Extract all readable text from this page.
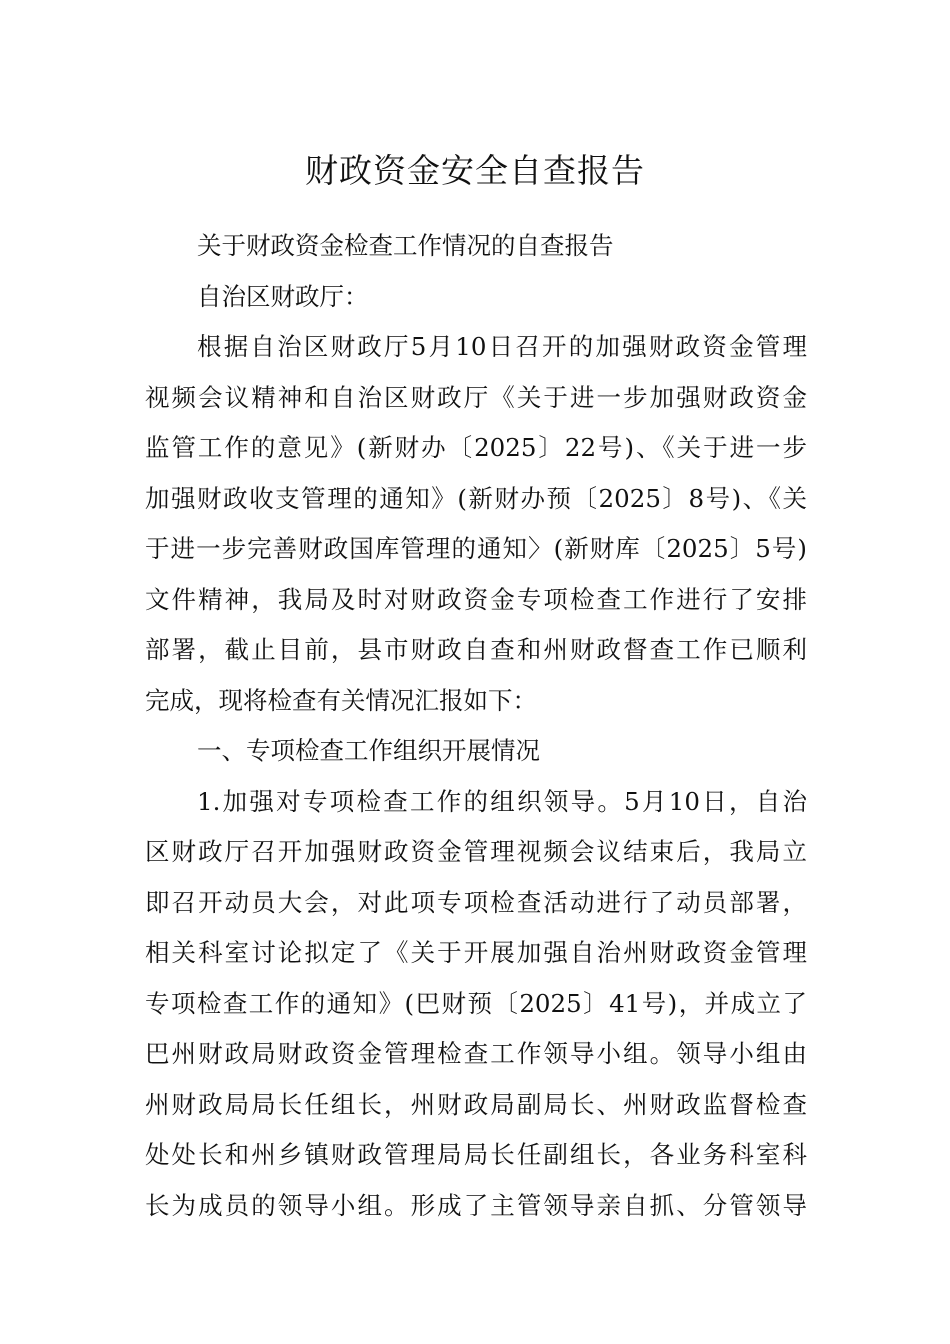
财政资金安全自查报告
关于财政资金检查工作情况的自查报告
自治区财政厅：
根据自治区财政厅5月10日召开的加强财政资金管理
视频会议精神和自治区财政厅《关于进一步加强财政资金
监管工作的意见》(新财办〔2025〕22号)、《关于进一步
加强财政收支管理的通知》(新财办预〔2025〕8号)、《关
于进一步完善财政国库管理的通知〉(新财库〔2025〕5号)
文件精神，我局及时对财政资金专项检查工作进行了安排
部署，截止目前，县市财政自查和州财政督查工作已顺利
完成，现将检查有关情况汇报如下：
一、专项检查工作组织开展情况
1.加强对专项检查工作的组织领导。5月10日，自治
区财政厅召开加强财政资金管理视频会议结束后，我局立
即召开动员大会，对此项专项检查活动进行了动员部署，
相关科室讨论拟定了《关于开展加强自治州财政资金管理
专项检查工作的通知》(巴财预〔2025〕41号)，并成立了
巴州财政局财政资金管理检查工作领导小组。领导小组由
州财政局局长任组长，州财政局副局长、州财政监督检查
处处长和州乡镇财政管理局局长任副组长，各业务科室科
长为成员的领导小组。形成了主管领导亲自抓、分管领导
